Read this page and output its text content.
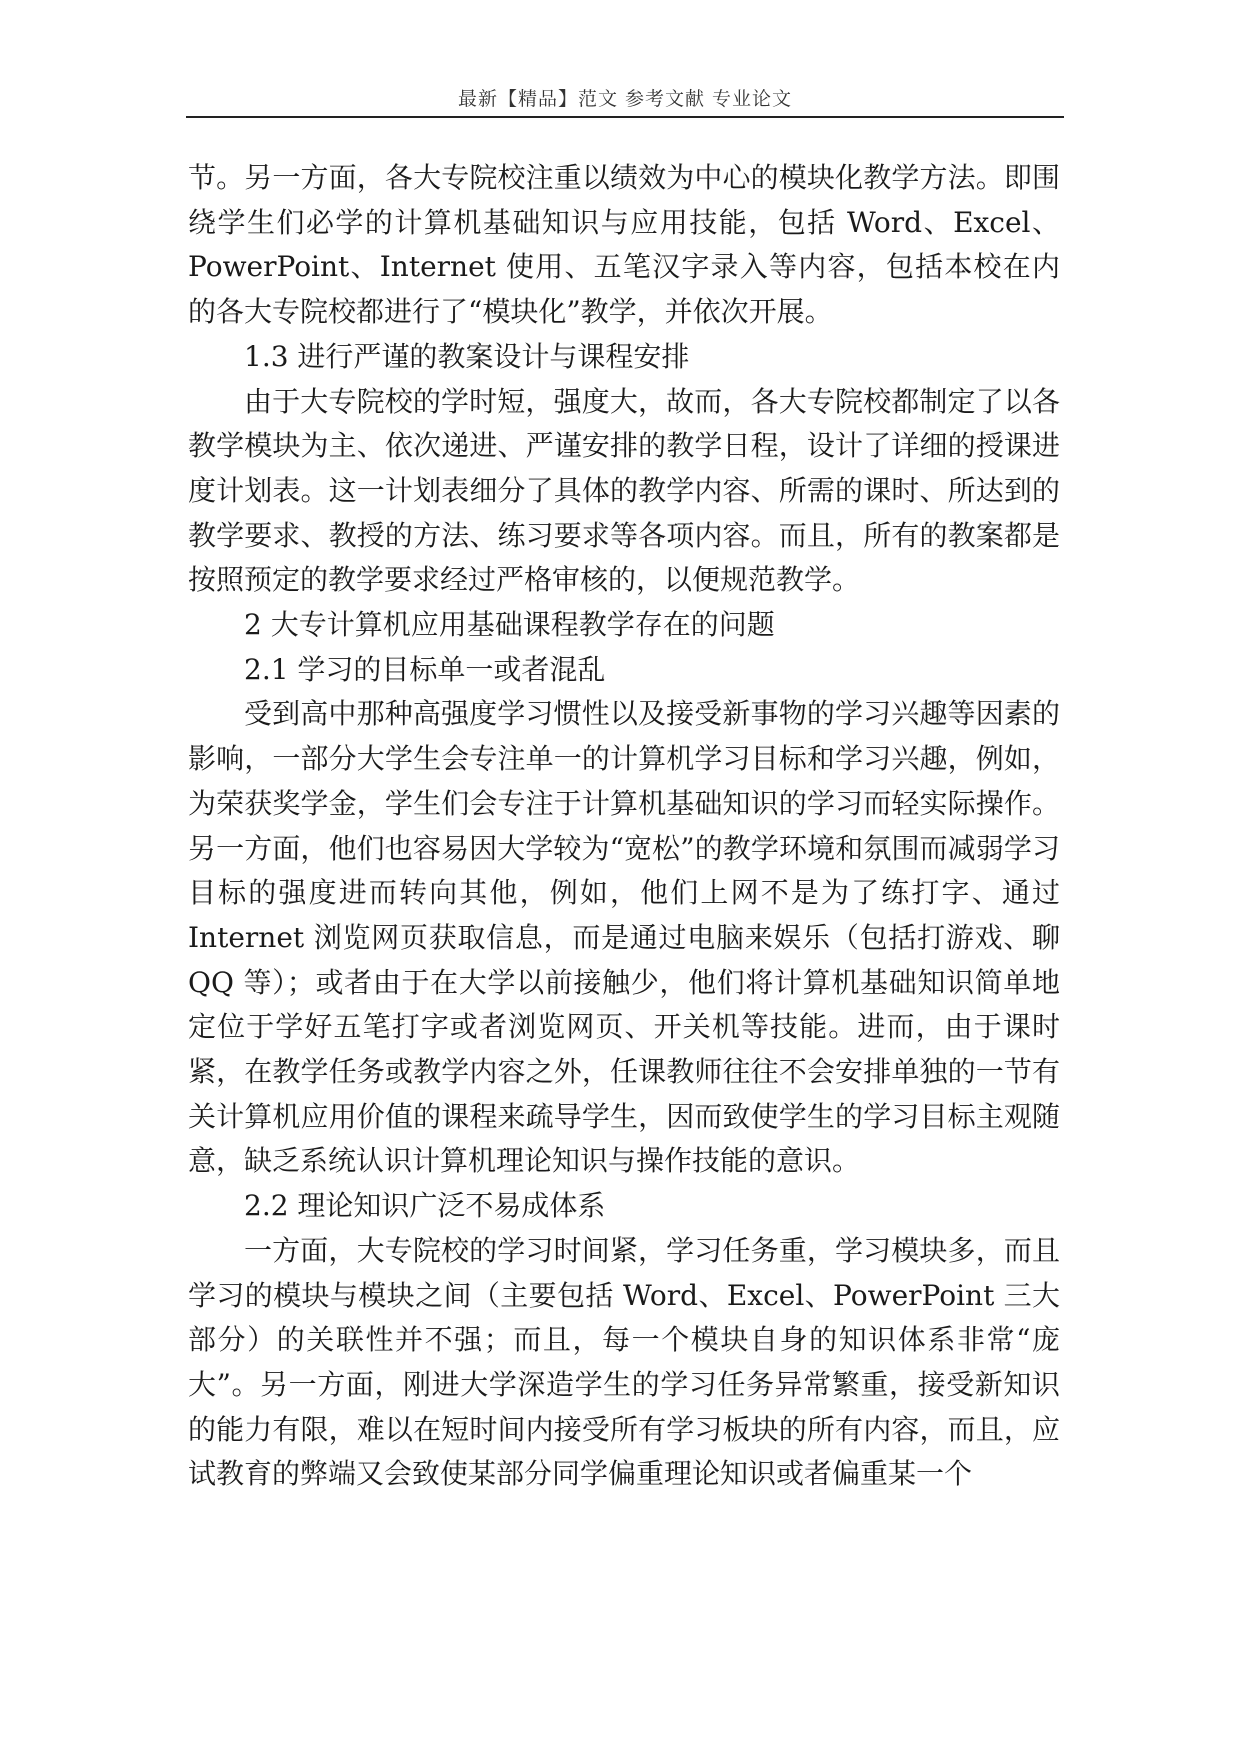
最新【精品】范文 参考文献 专业论文

节。另一方面，各大专院校注重以绩效为中心的模块化教学方法。即围绕学生们必学的计算机基础知识与应用技能，包括 Word、Excel、PowerPoint、Internet 使用、五笔汉字录入等内容，包括本校在内的各大专院校都进行了“模块化”教学，并依次开展。

1.3 进行严谨的教案设计与课程安排

由于大专院校的学时短，强度大，故而，各大专院校都制定了以各教学模块为主、依次递进、严谨安排的教学日程，设计了详细的授课进度计划表。这一计划表细分了具体的教学内容、所需的课时、所达到的教学要求、教授的方法、练习要求等各项内容。而且，所有的教案都是按照预定的教学要求经过严格审核的，以便规范教学。

2 大专计算机应用基础课程教学存在的问题

2.1 学习的目标单一或者混乱

受到高中那种高强度学习惯性以及接受新事物的学习兴趣等因素的影响，一部分大学生会专注单一的计算机学习目标和学习兴趣，例如，为荣获奖学金，学生们会专注于计算机基础知识的学习而轻实际操作。另一方面，他们也容易因大学较为“宽松”的教学环境和氛围而减弱学习目标的强度进而转向其他，例如，他们上网不是为了练打字、通过 Internet 浏览网页获取信息，而是通过电脑来娱乐（包括打游戏、聊 QQ 等）；或者由于在大学以前接触少，他们将计算机基础知识简单地定位于学好五笔打字或者浏览网页、开关机等技能。进而，由于课时紧，在教学任务或教学内容之外，任课教师往往不会安排单独的一节有关计算机应用价值的课程来疏导学生，因而致使学生的学习目标主观随意，缺乏系统认识计算机理论知识与操作技能的意识。

2.2 理论知识广泛不易成体系

一方面，大专院校的学习时间紧，学习任务重，学习模块多，而且学习的模块与模块之间（主要包括 Word、Excel、PowerPoint 三大部分）的关联性并不强；而且，每一个模块自身的知识体系非常“庞大”。另一方面，刚进大学深造学生的学习任务异常繁重，接受新知识的能力有限，难以在短时间内接受所有学习板块的所有内容，而且，应试教育的弊端又会致使某部分同学偏重理论知识或者偏重某一个
